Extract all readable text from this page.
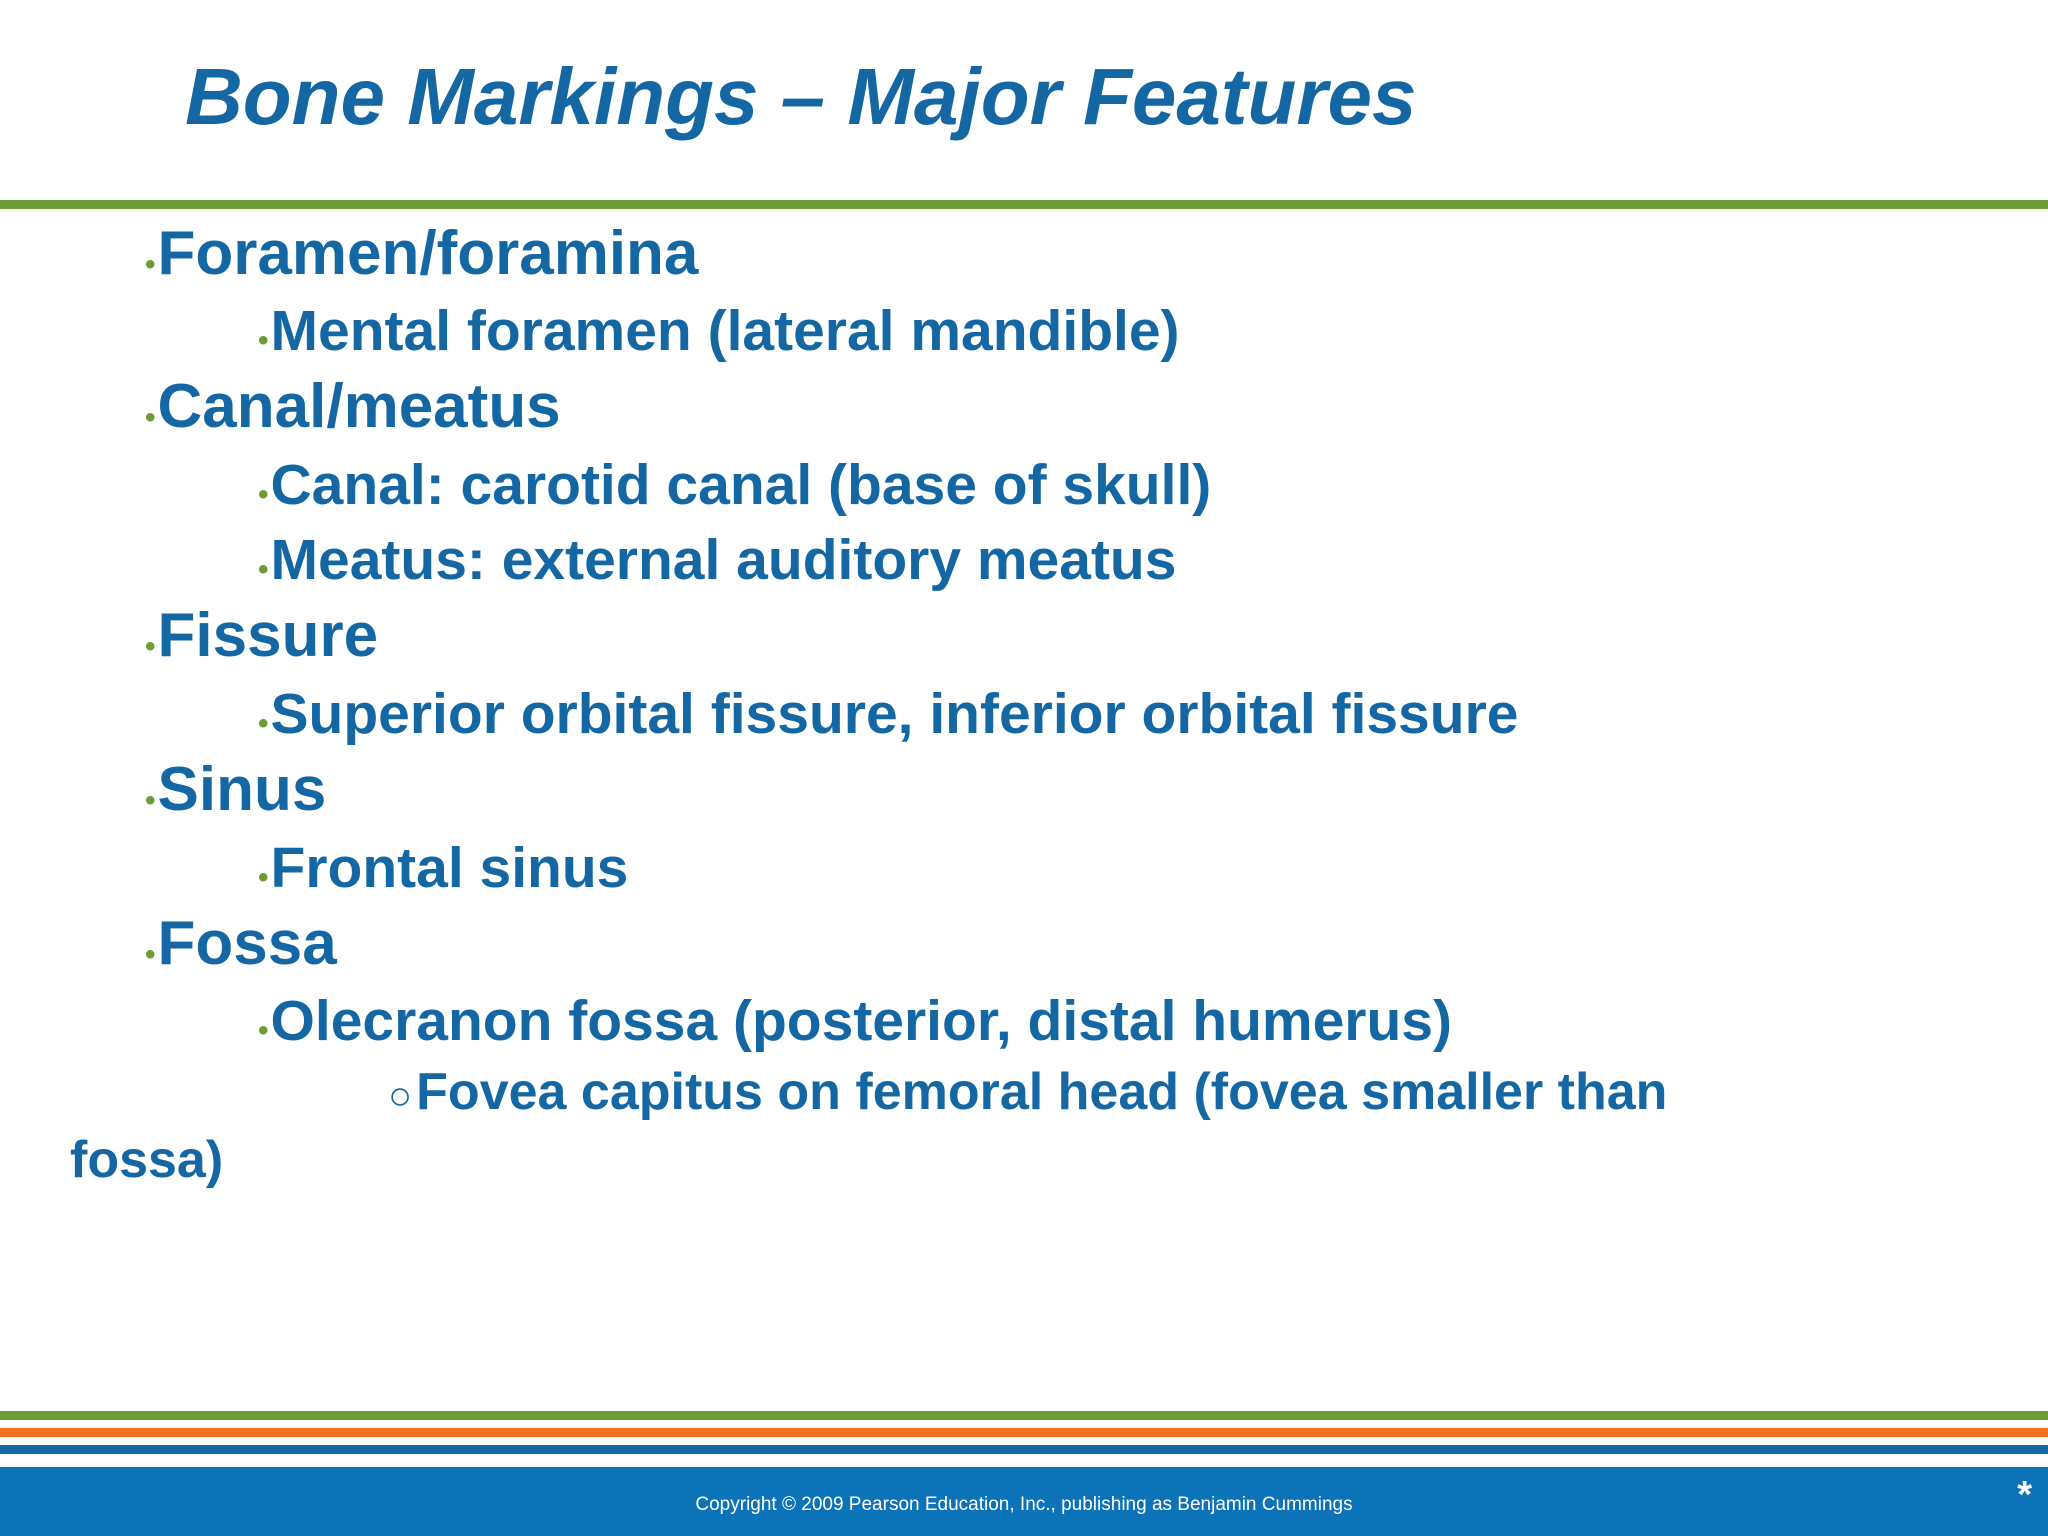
Bone Markings – Major Features
•Foramen/foramina
•Mental foramen (lateral mandible)
•Canal/meatus
•Canal: carotid canal (base of skull)
•Meatus: external auditory meatus
•Fissure
•Superior orbital fissure, inferior orbital fissure
•Sinus
•Frontal sinus
•Fossa
•Olecranon fossa (posterior, distal humerus)
○Fovea capitus on femoral head (fovea smaller than
fossa)
Copyright © 2009 Pearson Education, Inc., publishing as Benjamin Cummings	*
